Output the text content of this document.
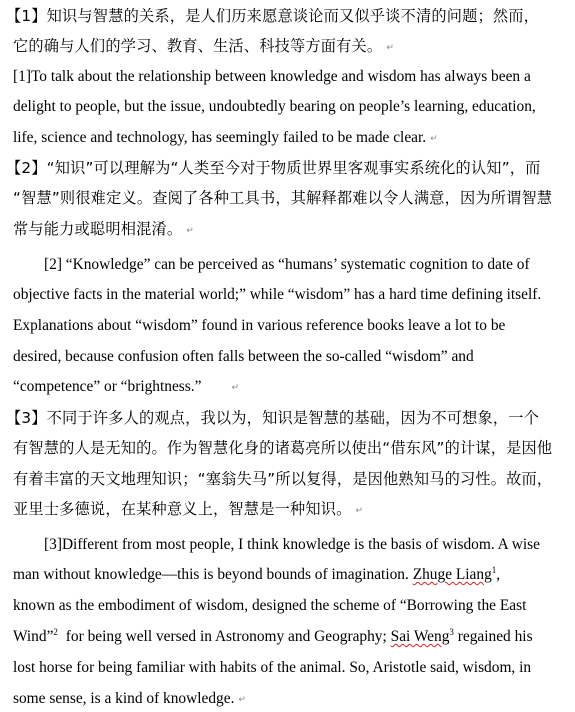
【1】知识与智慧的关系，是人们历来愿意谈论而又似乎谈不清的问题；然而，
它的确与人们的学习、教育、生活、科技等方面有关。 ↵
[1]To talk about the relationship between knowledge and wisdom has always been a
delight to people, but the issue, undoubtedly bearing on people’s learning, education,
life, science and technology, has seemingly failed to be made clear. ↵
【2】“知识”可以理解为“人类至今对于物质世界里客观事实系统化的认知”，而
“智慧”则很难定义。查阅了各种工具书，其解释都难以令人满意，因为所谓智慧
常与能力或聪明相混淆。 ↵
[2] “Knowledge” can be perceived as “humans’ systematic cognition to date of
objective facts in the material world;” while “wisdom” has a hard time defining itself.
Explanations about “wisdom” found in various reference books leave a lot to be
desired, because confusion often falls between the so-called “wisdom” and
“competence” or “brightness.”	↵
【3】不同于许多人的观点，我以为，知识是智慧的基础，因为不可想象，一个
有智慧的人是无知的。作为智慧化身的诸葛亮所以使出“借东风”的计谋，是因他
有着丰富的天文地理知识；“塞翁失马”所以复得，是因他熟知马的习性。故而，
亚里士多德说，在某种意义上，智慧是一种知识。 ↵
[3]Different from most people, I think knowledge is the basis of wisdom. A wise
man without knowledge—this is beyond bounds of imagination. Zhuge Liang$^1$,
known as the embodiment of wisdom, designed the scheme of “Borrowing the East
Wind”$^2$ for being well versed in Astronomy and Geography; Sai Weng$^3$ regained his
lost horse for being familiar with habits of the animal. So, Aristotle said, wisdom, in
some sense, is a kind of knowledge. ↵
